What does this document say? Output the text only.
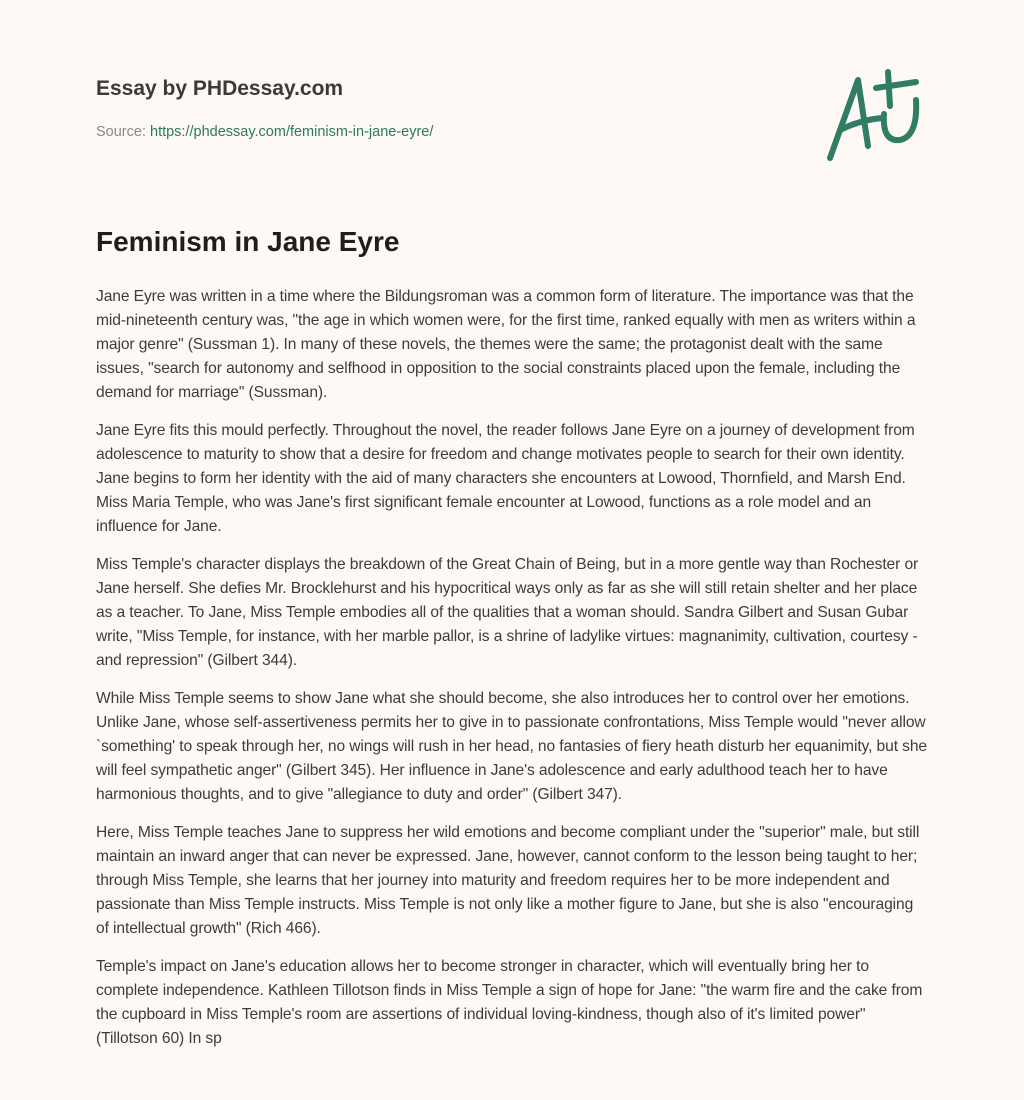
Essay by PHDessay.com
Source: https://phdessay.com/feminism-in-jane-eyre/
Feminism in Jane Eyre

Jane Eyre was written in a time where the Bildungsroman was a common form of literature. The importance was that the mid-nineteenth century was, "the age in which women were, for the first time, ranked equally with men as writers within a major genre" (Sussman 1). In many of these novels, the themes were the same; the protagonist dealt with the same issues, "search for autonomy and selfhood in opposition to the social constraints placed upon the female, including the demand for marriage" (Sussman).

Jane Eyre fits this mould perfectly. Throughout the novel, the reader follows Jane Eyre on a journey of development from adolescence to maturity to show that a desire for freedom and change motivates people to search for their own identity. Jane begins to form her identity with the aid of many characters she encounters at Lowood, Thornfield, and Marsh End. Miss Maria Temple, who was Jane's first significant female encounter at Lowood, functions as a role model and an influence for Jane.

Miss Temple's character displays the breakdown of the Great Chain of Being, but in a more gentle way than Rochester or Jane herself. She defies Mr. Brocklehurst and his hypocritical ways only as far as she will still retain shelter and her place as a teacher. To Jane, Miss Temple embodies all of the qualities that a woman should. Sandra Gilbert and Susan Gubar write, "Miss Temple, for instance, with her marble pallor, is a shrine of ladylike virtues: magnanimity, cultivation, courtesy - and repression" (Gilbert 344).

While Miss Temple seems to show Jane what she should become, she also introduces her to control over her emotions. Unlike Jane, whose self-assertiveness permits her to give in to passionate confrontations, Miss Temple would "never allow `something' to speak through her, no wings will rush in her head, no fantasies of fiery heath disturb her equanimity, but she will feel sympathetic anger" (Gilbert 345). Her influence in Jane's adolescence and early adulthood teach her to have harmonious thoughts, and to give "allegiance to duty and order" (Gilbert 347).

Here, Miss Temple teaches Jane to suppress her wild emotions and become compliant under the "superior" male, but still maintain an inward anger that can never be expressed. Jane, however, cannot conform to the lesson being taught to her; through Miss Temple, she learns that her journey into maturity and freedom requires her to be more independent and passionate than Miss Temple instructs. Miss Temple is not only like a mother figure to Jane, but she is also "encouraging of intellectual growth" (Rich 466).

Temple's impact on Jane's education allows her to become stronger in character, which will eventually bring her to complete independence. Kathleen Tillotson finds in Miss Temple a sign of hope for Jane: "the warm fire and the cake from the cupboard in Miss Temple's room are assertions of individual loving-kindness, though also of it's limited power" (Tillotson 60) In sp
